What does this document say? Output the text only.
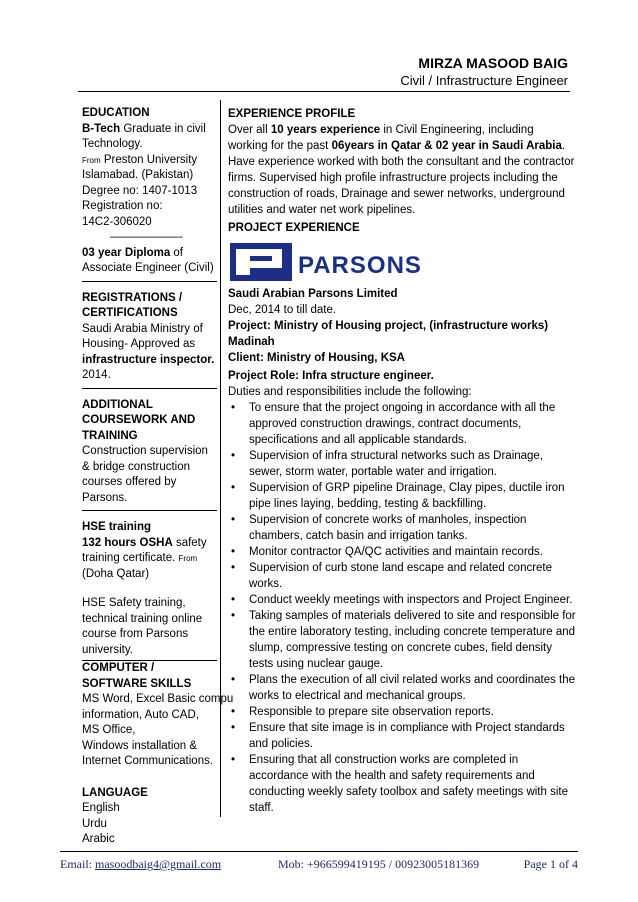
MIRZA MASOOD BAIG
Civil / Infrastructure Engineer
EDUCATION
B-Tech Graduate in civil Technology.
From Preston University Islamabad. (Pakistan)
Degree no: 1407-1013
Registration no:
14C2-306020
——————-
03 year Diploma of Associate Engineer (Civil)
REGISTRATIONS / CERTIFICATIONS
Saudi Arabia Ministry of Housing- Approved as
infrastructure inspector.
2014.
ADDITIONAL COURSEWORK AND TRAINING
Construction supervision & bridge construction courses offered by Parsons.
HSE training
132 hours OSHA safety training certificate. From
(Doha Qatar)
HSE Safety training, technical training online course from Parsons university.
COMPUTER / SOFTWARE SKILLS
MS Word, Excel Basic compu
information, Auto CAD, MS Office,
Windows installation & Internet Communications.
LANGUAGE
English
Urdu
Arabic
EXPERIENCE PROFILE
Over all 10 years experience in Civil Engineering, including working for the past 06years in Qatar & 02 year in Saudi Arabia. Have experience worked with both the consultant and the contractor firms. Supervised high profile infrastructure projects including the construction of roads, Drainage and sewer networks, underground utilities and water net work pipelines.
PROJECT EXPERIENCE
PARSONS
Saudi Arabian Parsons Limited
Dec, 2014 to till date.
Project: Ministry of Housing project, (infrastructure works) Madinah
Client: Ministry of Housing, KSA
Project Role: Infra structure engineer.
Duties and responsibilities include the following:
• To ensure that the project ongoing in accordance with all the approved construction drawings, contract documents, specifications and all applicable standards.
• Supervision of infra structural networks such as Drainage, sewer, storm water, portable water and irrigation.
• Supervision of GRP pipeline Drainage, Clay pipes, ductile iron pipe lines laying, bedding, testing & backfilling.
• Supervision of concrete works of manholes, inspection chambers, catch basin and irrigation tanks.
• Monitor contractor QA/QC activities and maintain records.
• Supervision of curb stone land escape and related concrete works.
• Conduct weekly meetings with inspectors and Project Engineer.
• Taking samples of materials delivered to site and responsible for the entire laboratory testing, including concrete temperature and slump, compressive testing on concrete cubes, field density tests using nuclear gauge.
• Plans the execution of all civil related works and coordinates the works to electrical and mechanical groups.
• Responsible to prepare site observation reports.
• Ensure that site image is in compliance with Project standards and policies.
• Ensuring that all construction works are completed in accordance with the health and safety requirements and conducting weekly safety toolbox and safety meetings with site staff.
Email: masoodbaig4@gmail.com	Mob: +966599419195 / 0092300518136​9	Page 1 of 4
